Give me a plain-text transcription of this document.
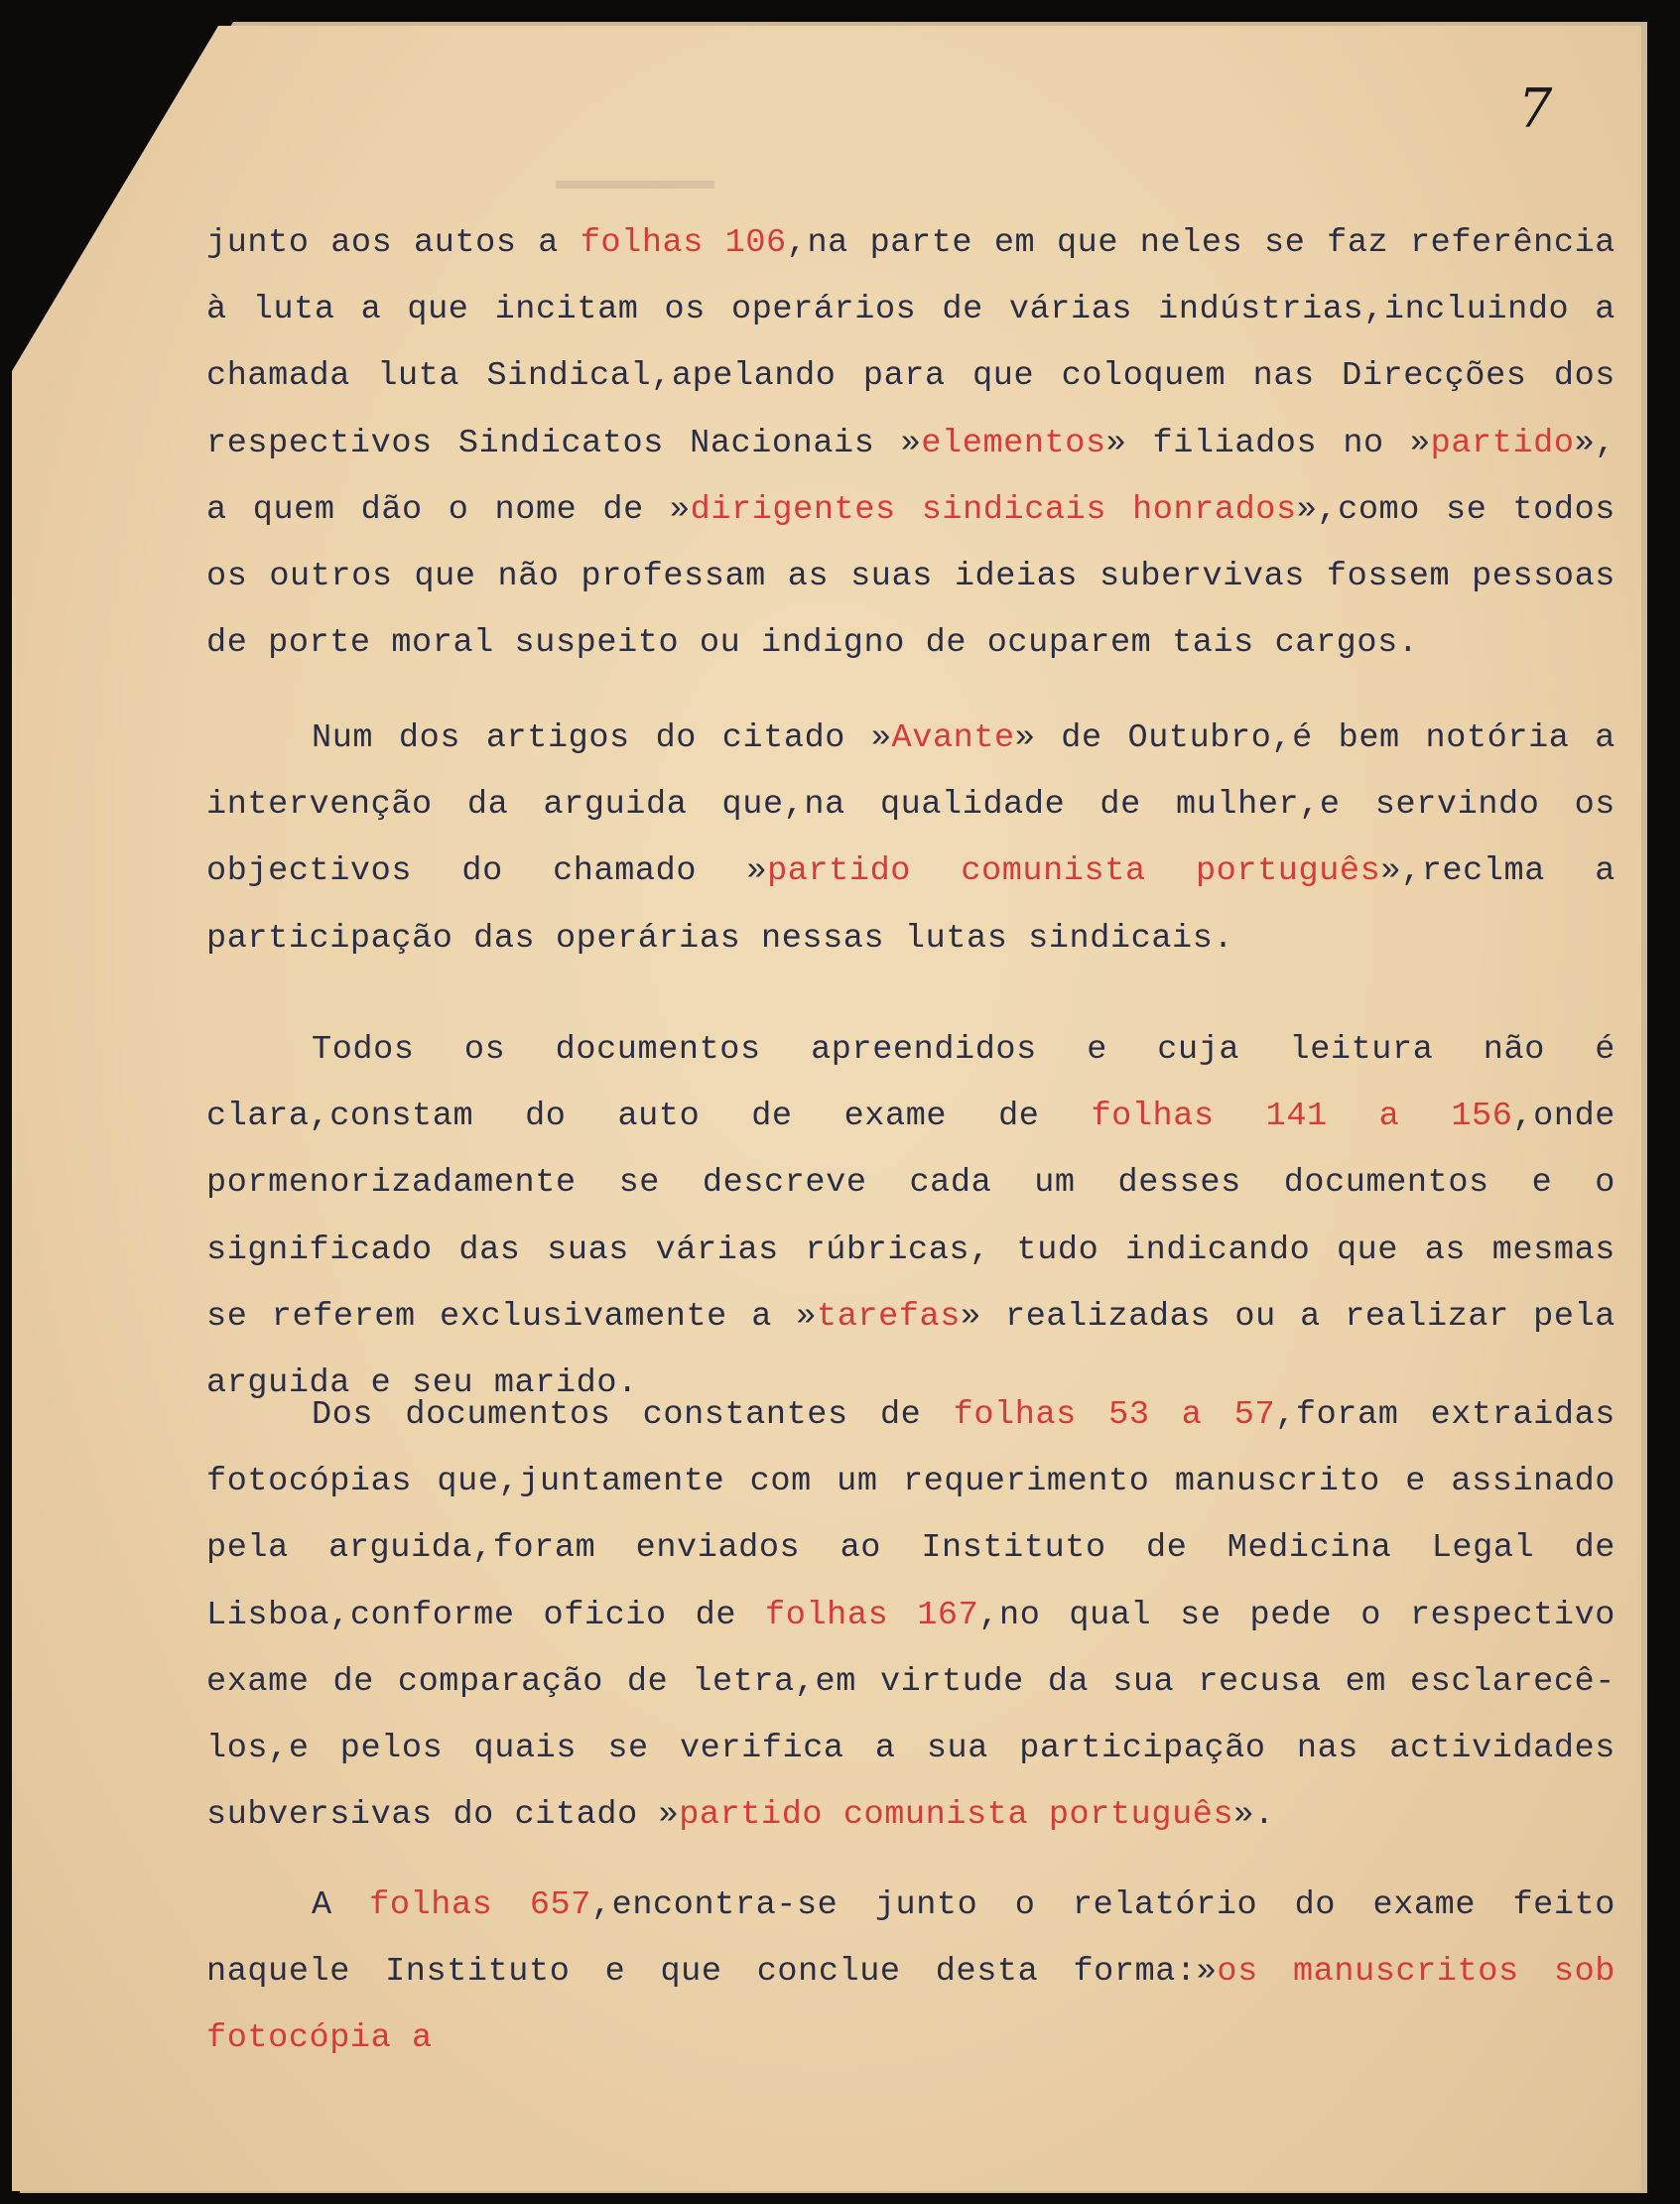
7
junto aos autos a folhas 106,na parte em que neles se faz referência à luta a que incitam os operários de várias indústrias,incluindo a chamada luta Sindical,apelando para que coloquem nas Direcções dos respectivos Sindicatos Nacionais »elementos» filiados no »partido», a quem dão o nome de »dirigentes sindicais honrados»,como se todos os outros que não professam as suas ideias subervivas fossem pessoas de porte moral suspeito ou indigno de ocuparem tais cargos.
Num dos artigos do citado »Avante» de Outubro,é bem notória a intervenção da arguida que,na qualidade de mulher,e servindo os objectivos do chamado »partido comunista português»,reclma a participação das operárias nessas lutas sindicais.
Todos os documentos apreendidos e cuja leitura não é clara,constam do auto de exame de folhas 141 a 156,onde pormenorizadamente se descreve cada um desses documentos e o significado das suas várias rúbricas, tudo indicando que as mesmas se referem exclusivamente a »tarefas» realizadas ou a realizar pela arguida e seu marido.
Dos documentos constantes de folhas 53 a 57,foram extraidas fotocópias que,juntamente com um requerimento manuscrito e assinado pela arguida,foram enviados ao Instituto de Medicina Legal de Lisboa,conforme oficio de folhas 167,no qual se pede o respectivo exame de comparação de letra,em virtude da sua recusa em esclarecê-los,e pelos quais se verifica a sua participação nas actividades subversivas do citado »partido comunista português».
A folhas 657,encontra-se junto o relatório do exame feito naquele Instituto e que conclue desta forma:»os manuscritos sob fotocópia a
